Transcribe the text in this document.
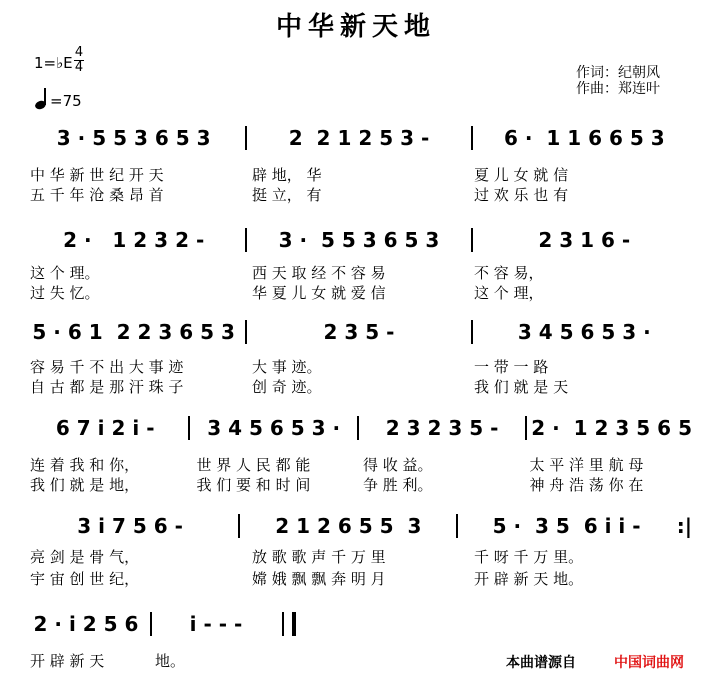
中华新天地
1=♭E
4
4
=75
作词：纪朝风
作曲：郑连叶
3 · 5 5 3 6 5 3	2  2 1 2 5 3 -	6 ·  1 1 6 6 5 3
中 华 新 世 纪 开 天	辟 地， 华	夏 儿 女 就 信
五 千 年 沧 桑 昂 首	挺 立， 有	过 欢 乐 也 有
2 ·   1 2 3 2 -	3 ·  5 5 3 6 5 3	2 3 1 6 -
这 个 理。	西 天 取 经 不 容 易	不 容 易，
过 失 忆。	华 夏 儿 女 就 爱 信	这 个 理，
5 · 6 1  2 2 3 6 5 3	2 3 5 -	3 4 5 6 5 3 ·
容 易 千 不 出 大 事 迹	大 事 迹。	一 带 一 路
自 古 都 是 那 汗 珠 子	创 奇 迹。	我 们 就 是 天
6 7 i 2 i -	3 4 5 6 5 3 ·	2 3 2 3 5 -	2 ·  1 2 3 5 6 5
连 着 我 和 你，	世 界 人 民 都 能	得 收 益。	太 平 洋 里 航 母
我 们 就 是 地，	我 们 要 和 时 间	争 胜 利。	神 舟 浩 荡 你 在
3 i 7 5 6 -	2 1 2 6 5 5  3	5 ·  3 5  6 i i -	:|
亮 剑 是 骨 气，	放 歌 歌 声 千 万 里	千 呀 千 万 里。
宇 宙 创 世 纪，	嫦 娥 飘 飘 奔 明 月	开 辟 新 天 地。
2 · i 2 5 6	i - - -
开 辟 新 天	地。	本曲谱源自	中国词曲网
